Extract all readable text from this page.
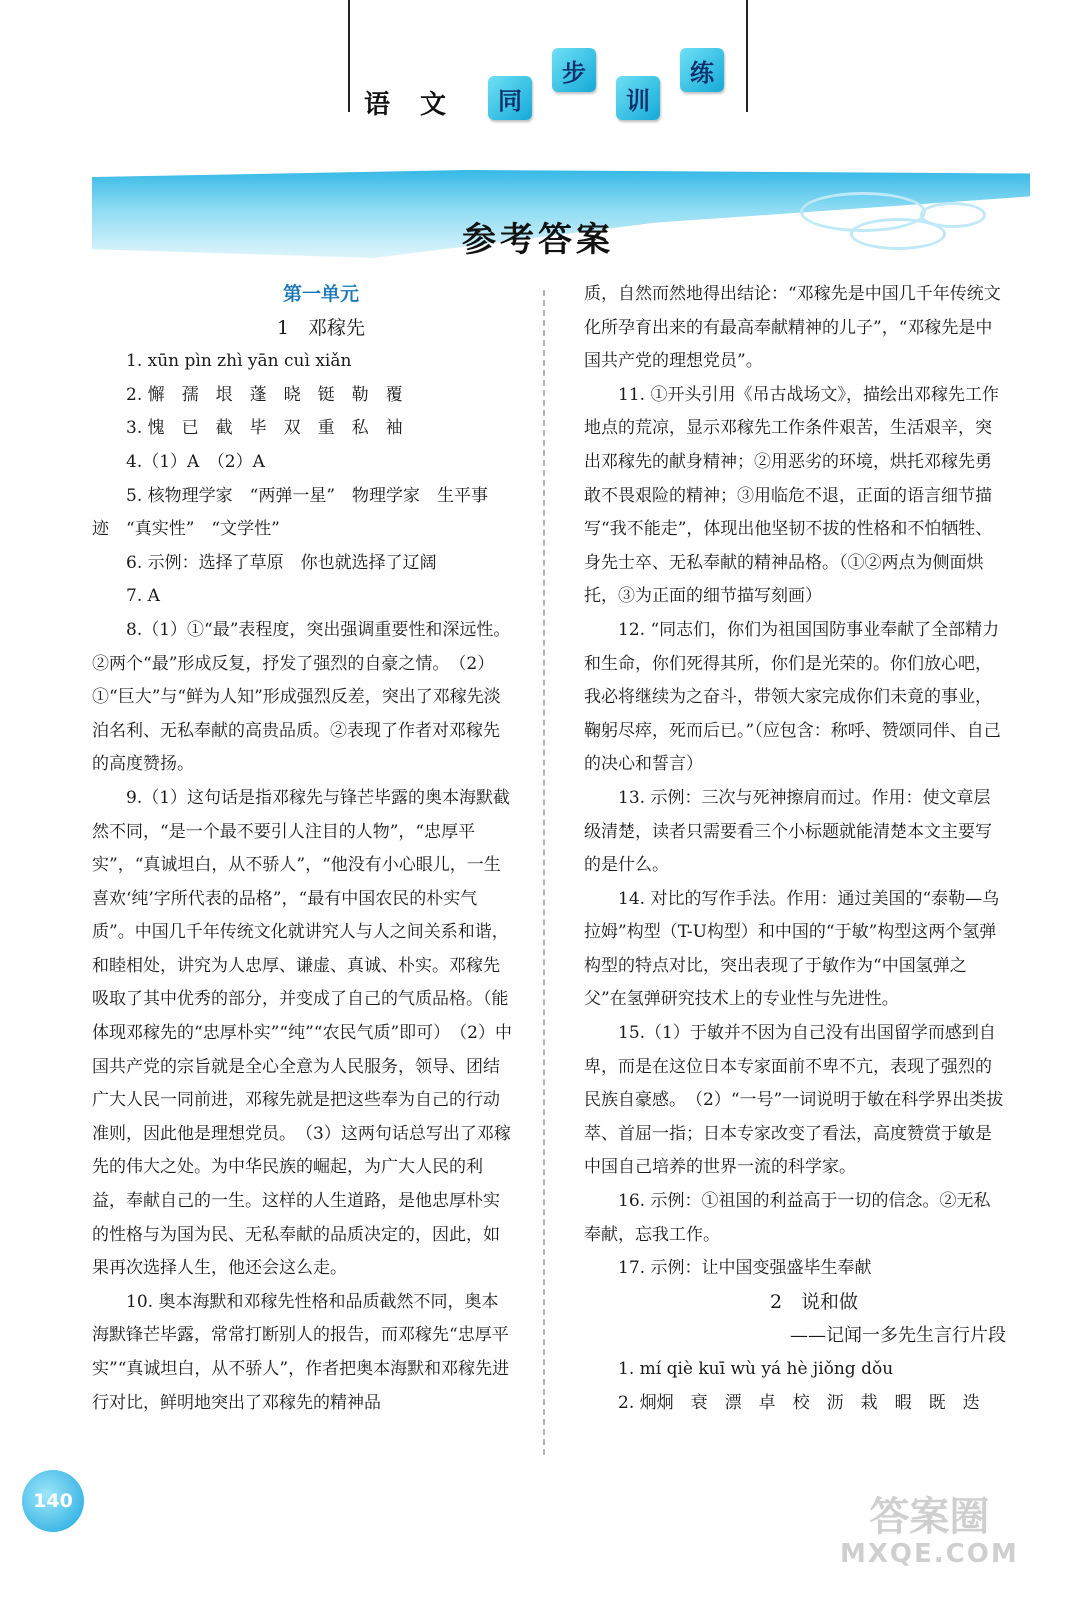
语 文	同
步
训
练
参考答案

第一单元

1　邓稼先

1. xūn pìn zhì yān cuì xiǎn

2. 懈　孺　垠　蓬　晓　铤　勒　覆

3. 愧　已　截　毕　双　重　私　袖

4.（1）A　（2）A

5. 核物理学家　“两弹一星”　物理学家　生平事迹　“真实性”　“文学性”

6. 示例：选择了草原　你也就选择了辽阔

7. A

8.（1）①“最”表程度，突出强调重要性和深远性。②两个“最”形成反复，抒发了强烈的自豪之情。　（2）①“巨大”与“鲜为人知”形成强烈反差，突出了邓稼先淡泊名利、无私奉献的高贵品质。②表现了作者对邓稼先的高度赞扬。

9.（1）这句话是指邓稼先与锋芒毕露的奥本海默截然不同，“是一个最不要引人注目的人物”，“忠厚平实”，“真诚坦白，从不骄人”，“他没有小心眼儿，一生喜欢‘纯’字所代表的品格”，“最有中国农民的朴实气质”。中国几千年传统文化就讲究人与人之间关系和谐，和睦相处，讲究为人忠厚、谦虚、真诚、朴实。邓稼先吸取了其中优秀的部分，并变成了自己的气质品格。（能体现邓稼先的“忠厚朴实”“纯”“农民气质”即可）　（2）中国共产党的宗旨就是全心全意为人民服务，领导、团结广大人民一同前进，邓稼先就是把这些奉为自己的行动准则，因此他是理想党员。　（3）这两句话总写出了邓稼先的伟大之处。为中华民族的崛起，为广大人民的利益，奉献自己的一生。这样的人生道路，是他忠厚朴实的性格与为国为民、无私奉献的品质决定的，因此，如果再次选择人生，他还会这么走。

10. 奥本海默和邓稼先性格和品质截然不同，奥本海默锋芒毕露，常常打断别人的报告，而邓稼先“忠厚平实”“真诚坦白，从不骄人”，作者把奥本海默和邓稼先进行对比，鲜明地突出了邓稼先的精神品

质，自然而然地得出结论：“邓稼先是中国几千年传统文化所孕育出来的有最高奉献精神的儿子”，“邓稼先是中国共产党的理想党员”。

11. ①开头引用《吊古战场文》，描绘出邓稼先工作地点的荒凉，显示邓稼先工作条件艰苦，生活艰辛，突出邓稼先的献身精神；②用恶劣的环境，烘托邓稼先勇敢不畏艰险的精神；③用临危不退，正面的语言细节描写“我不能走”，体现出他坚韧不拔的性格和不怕牺牲、身先士卒、无私奉献的精神品格。（①②两点为侧面烘托，③为正面的细节描写刻画）

12. “同志们，你们为祖国国防事业奉献了全部精力和生命，你们死得其所，你们是光荣的。你们放心吧，我必将继续为之奋斗，带领大家完成你们未竟的事业，鞠躬尽瘁，死而后已。”（应包含：称呼、赞颂同伴、自己的决心和誓言）

13. 示例：三次与死神擦肩而过。作用：使文章层级清楚，读者只需要看三个小标题就能清楚本文主要写的是什么。

14. 对比的写作手法。作用：通过美国的“泰勒—乌拉姆”构型（T-U构型）和中国的“于敏”构型这两个氢弹构型的特点对比，突出表现了于敏作为“中国氢弹之父”在氢弹研究技术上的专业性与先进性。

15.（1）于敏并不因为自己没有出国留学而感到自卑，而是在这位日本专家面前不卑不亢，表现了强烈的民族自豪感。　（2）“一号”一词说明于敏在科学界出类拔萃、首屈一指；日本专家改变了看法，高度赞赏于敏是中国自己培养的世界一流的科学家。

16. 示例：①祖国的利益高于一切的信念。②无私奉献，忘我工作。

17. 示例：让中国变强盛毕生奉献

2　说和做

——记闻一多先生言行片段

1. mí qiè kuī wù yá hè jiǒng dǒu

2. 炯炯　衰　漂　卓　校　沥　栽　暇　既　迭

140	答案圈
MXQE.COM
